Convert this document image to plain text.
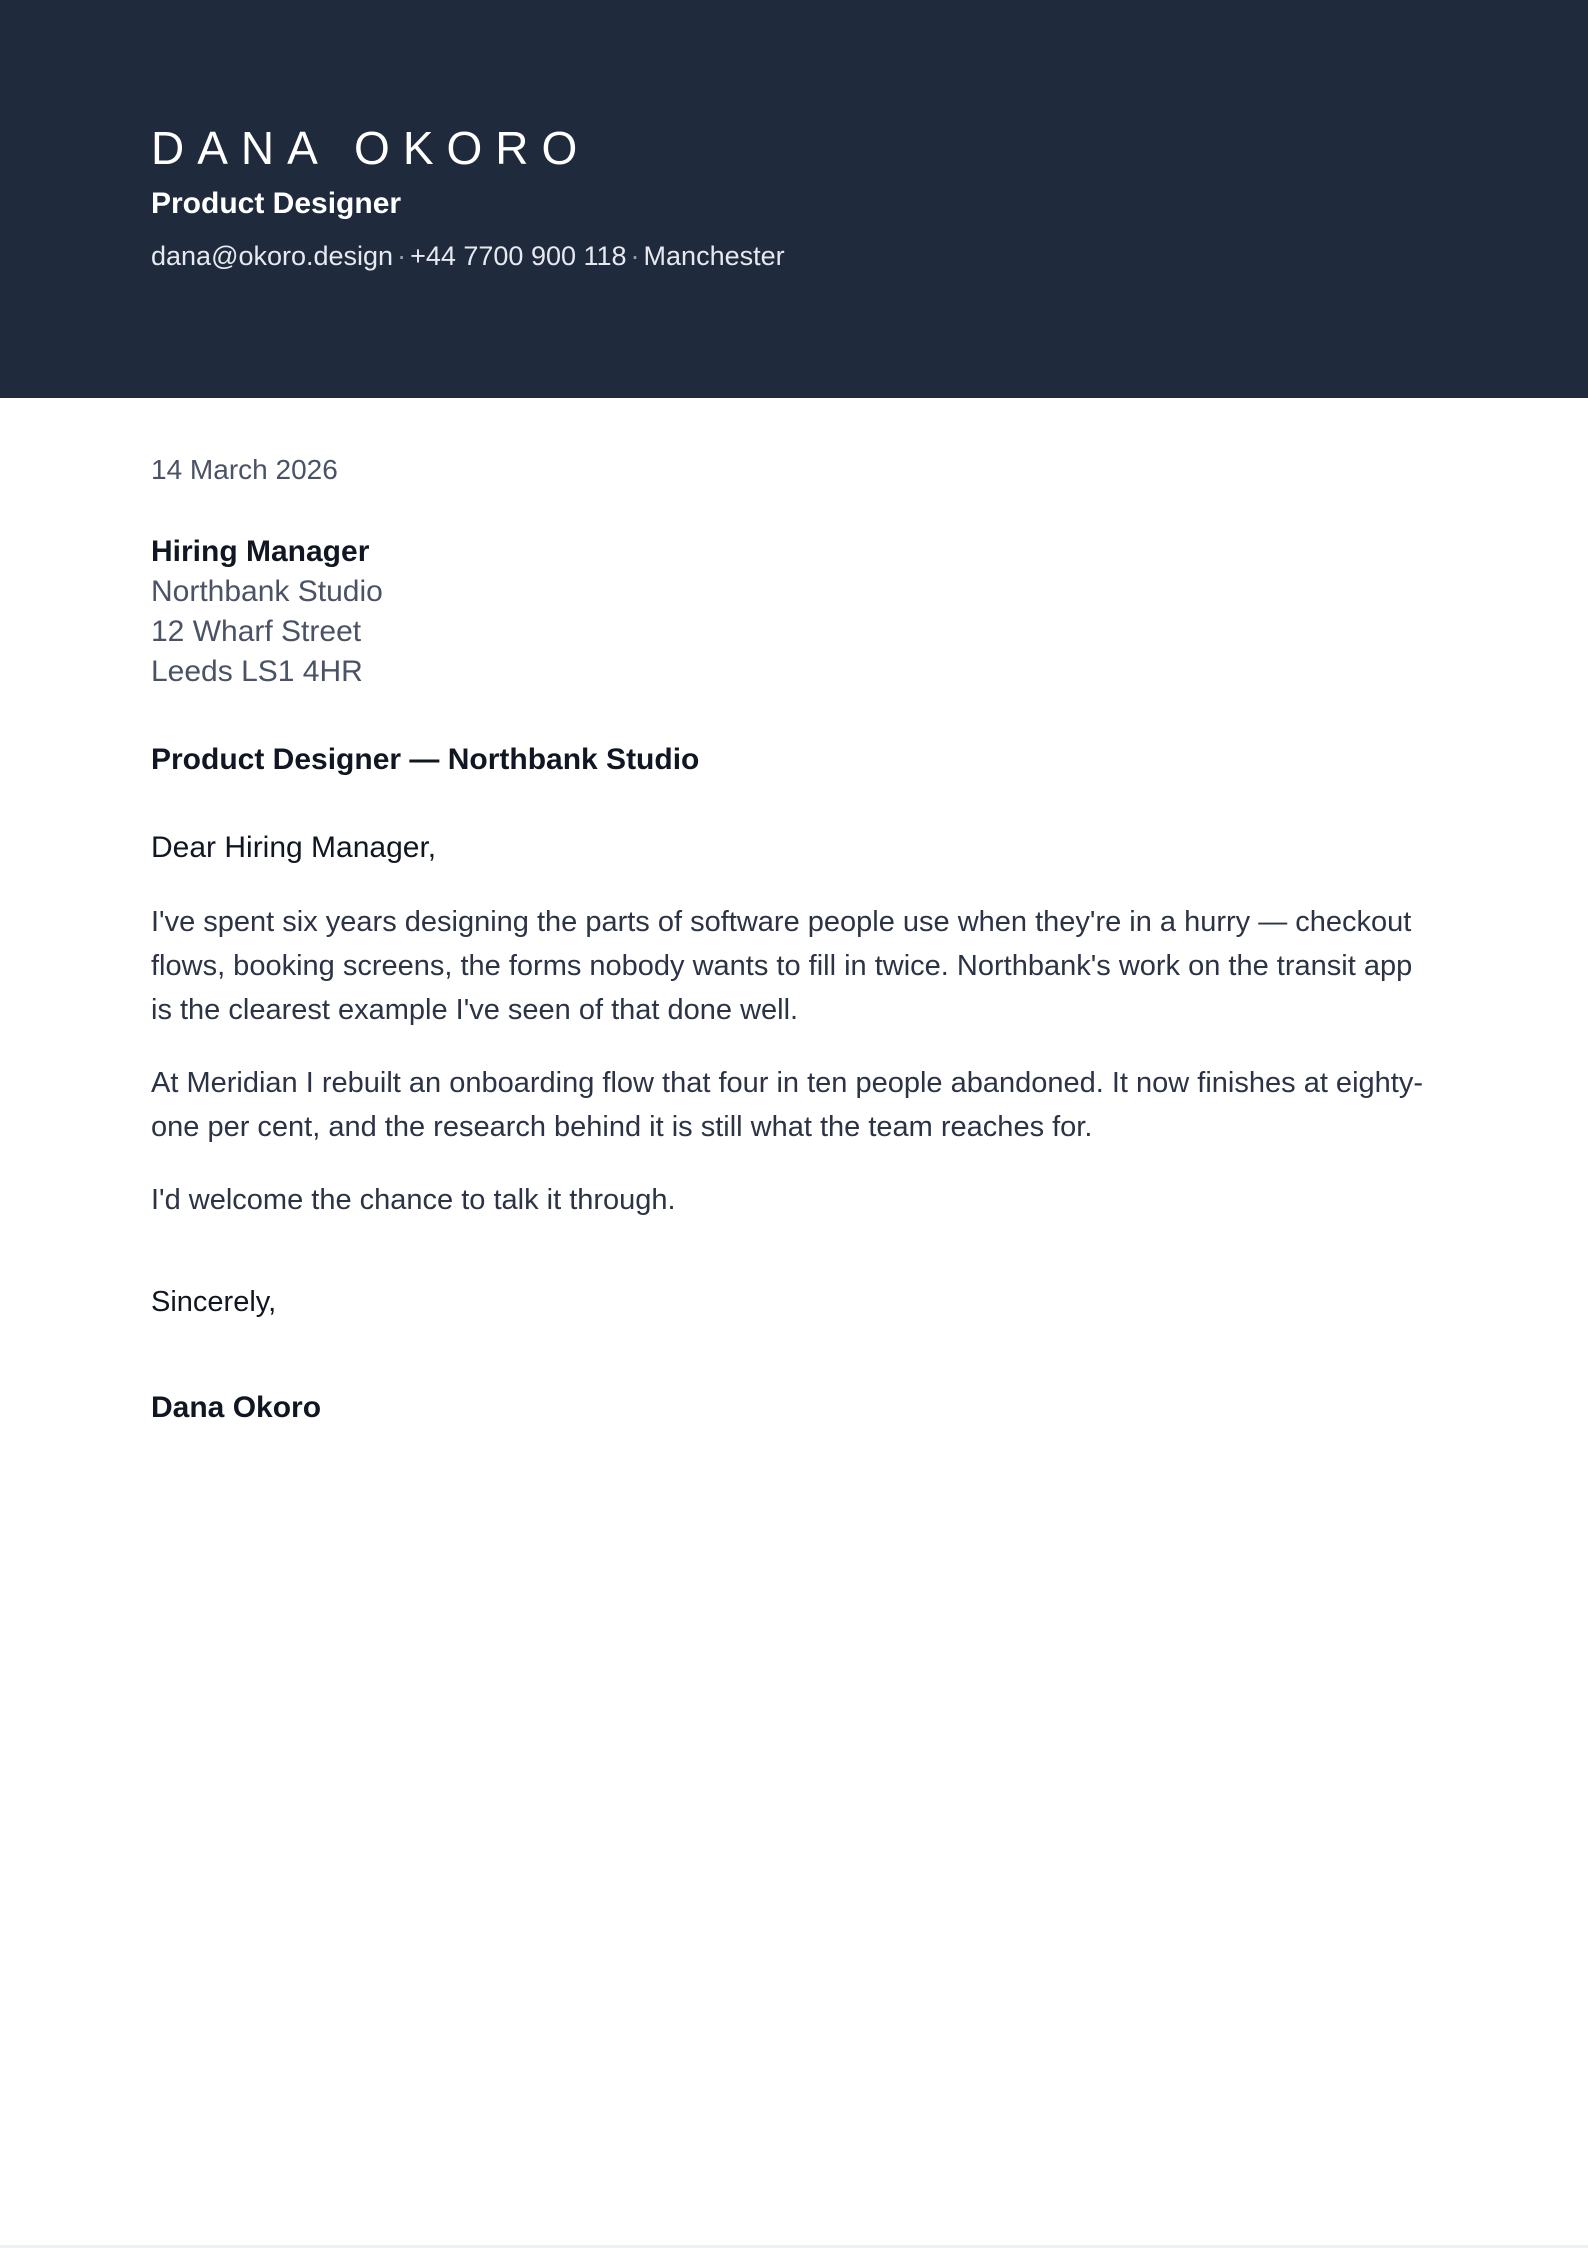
DANA OKORO
Product Designer
dana@okoro.design · +44 7700 900 118 · Manchester

14 March 2026

Hiring Manager
Northbank Studio
12 Wharf Street
Leeds LS1 4HR
Product Designer — Northbank Studio
Dear Hiring Manager,

I've spent six years designing the parts of software people use when they're in a hurry — checkout flows, booking screens, the forms nobody wants to fill in twice. Northbank's work on the transit app is the clearest example I've seen of that done well.

At Meridian I rebuilt an onboarding flow that four in ten people abandoned. It now finishes at eighty-one per cent, and the research behind it is still what the team reaches for.

I'd welcome the chance to talk it through.

Sincerely,
Dana Okoro
